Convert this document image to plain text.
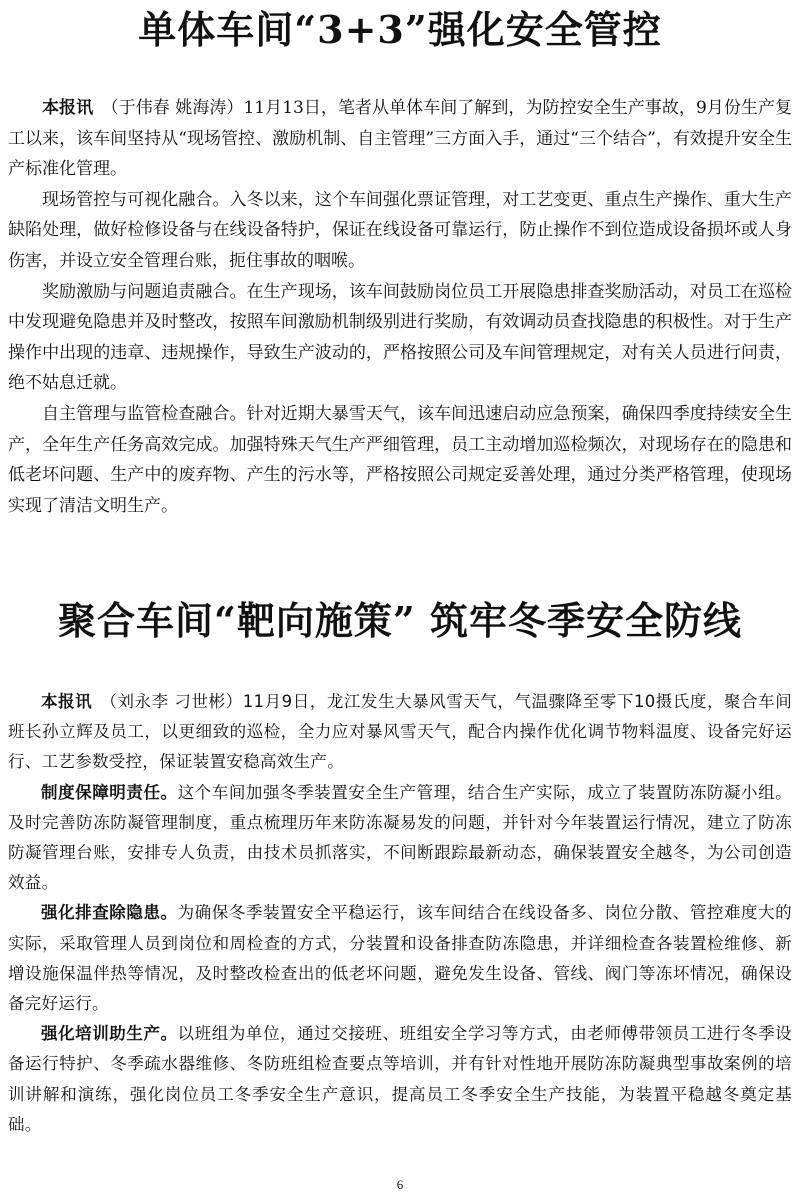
单体车间“3+3”强化安全管控

本报讯 （于伟春 姚海涛）11月13日，笔者从单体车间了解到，为防控安全生产事故，9月份生产复工以来，该车间坚持从“现场管控、激励机制、自主管理”三方面入手，通过“三个结合”，有效提升安全生产标准化管理。

现场管控与可视化融合。入冬以来，这个车间强化票证管理，对工艺变更、重点生产操作、重大生产缺陷处理，做好检修设备与在线设备特护，保证在线设备可靠运行，防止操作不到位造成设备损坏或人身伤害，并设立安全管理台账，扼住事故的咽喉。

奖励激励与问题追责融合。在生产现场，该车间鼓励岗位员工开展隐患排查奖励活动，对员工在巡检中发现避免隐患并及时整改，按照车间激励机制级别进行奖励，有效调动员查找隐患的积极性。对于生产操作中出现的违章、违规操作，导致生产波动的，严格按照公司及车间管理规定，对有关人员进行问责，绝不姑息迁就。

自主管理与监管检查融合。针对近期大暴雪天气，该车间迅速启动应急预案，确保四季度持续安全生产，全年生产任务高效完成。加强特殊天气生产严细管理，员工主动增加巡检频次，对现场存在的隐患和低老坏问题、生产中的废弃物、产生的污水等，严格按照公司规定妥善处理，通过分类严格管理，使现场实现了清洁文明生产。

聚合车间“靶向施策” 筑牢冬季安全防线

本报讯 （刘永李 刁世彬）11月9日，龙江发生大暴风雪天气，气温骤降至零下10摄氏度，聚合车间班长孙立辉及员工，以更细致的巡检，全力应对暴风雪天气，配合内操作优化调节物料温度、设备完好运行、工艺参数受控，保证装置安稳高效生产。

制度保障明责任。这个车间加强冬季装置安全生产管理，结合生产实际，成立了装置防冻防凝小组。及时完善防冻防凝管理制度，重点梳理历年来防冻凝易发的问题，并针对今年装置运行情况，建立了防冻防凝管理台账，安排专人负责，由技术员抓落实，不间断跟踪最新动态，确保装置安全越冬，为公司创造效益。

强化排查除隐患。为确保冬季装置安全平稳运行，该车间结合在线设备多、岗位分散、管控难度大的实际，采取管理人员到岗位和周检查的方式，分装置和设备排查防冻隐患，并详细检查各装置检维修、新增设施保温伴热等情况，及时整改检查出的低老坏问题，避免发生设备、管线、阀门等冻坏情况，确保设备完好运行。

强化培训助生产。以班组为单位，通过交接班、班组安全学习等方式，由老师傅带领员工进行冬季设备运行特护、冬季疏水器维修、冬防班组检查要点等培训，并有针对性地开展防冻防凝典型事故案例的培训讲解和演练，强化岗位员工冬季安全生产意识，提高员工冬季安全生产技能，为装置平稳越冬奠定基础。

6
